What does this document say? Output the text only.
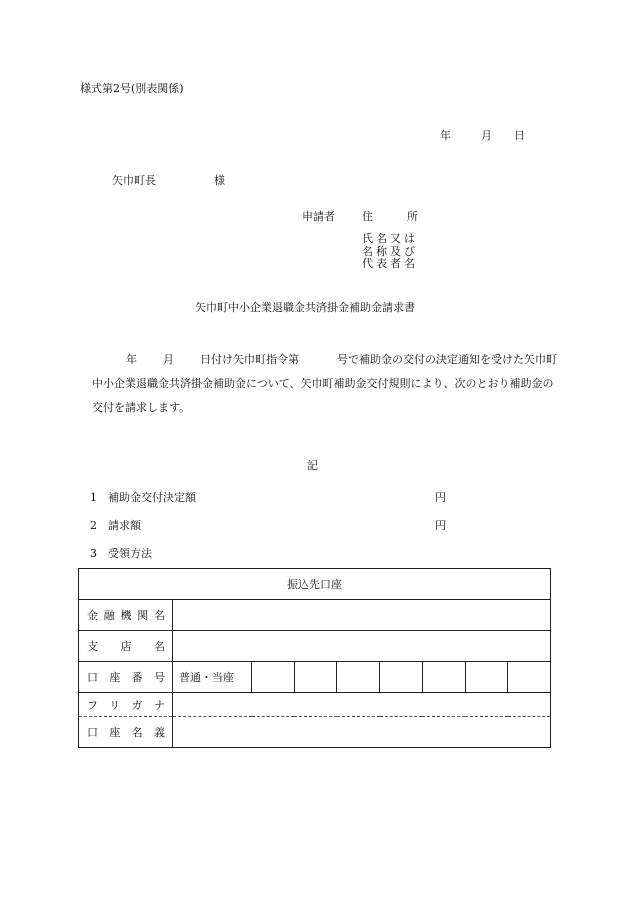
様式第2号(別表関係)
年	月 日
矢巾町長	様
申請者 住	所
氏名又は
名称及び
代表者名
矢巾町中小企業退職金共済掛金補助金請求書
年 月 日付け矢巾町指令第	号で補助金の交付の決定通知を受けた矢巾町中小企業退職金共済掛金補助金について、矢巾町補助金交付規則により、次のとおり補助金の交付を請求します。
記
1 補助金交付決定額	円
2 請求額	円
3 受領方法
振込先口座								
金融機関名								
支店名								
口座番号	普通・当座							
フリガナ								
口座名義								
